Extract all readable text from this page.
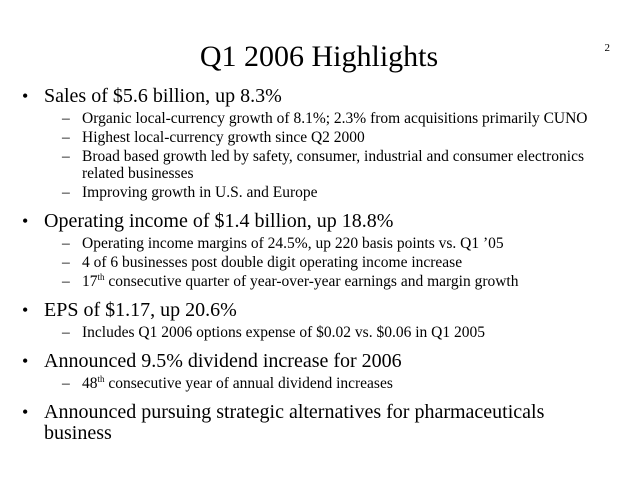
2
Q1 2006 Highlights
• Sales of $5.6 billion, up 8.3%
– Organic local-currency growth of 8.1%; 2.3% from acquisitions primarily CUNO
– Highest local-currency growth since Q2 2000
– Broad based growth led by safety, consumer, industrial and consumer electronics related businesses
– Improving growth in U.S. and Europe
• Operating income of $1.4 billion, up 18.8%
– Operating income margins of 24.5%, up 220 basis points vs. Q1 ’05
– 4 of 6 businesses post double digit operating income increase
– 17th consecutive quarter of year-over-year earnings and margin growth
• EPS of $1.17, up 20.6%
– Includes Q1 2006 options expense of $0.02 vs. $0.06 in Q1 2005
• Announced 9.5% dividend increase for 2006
– 48th consecutive year of annual dividend increases
• Announced pursuing strategic alternatives for pharmaceuticals business
